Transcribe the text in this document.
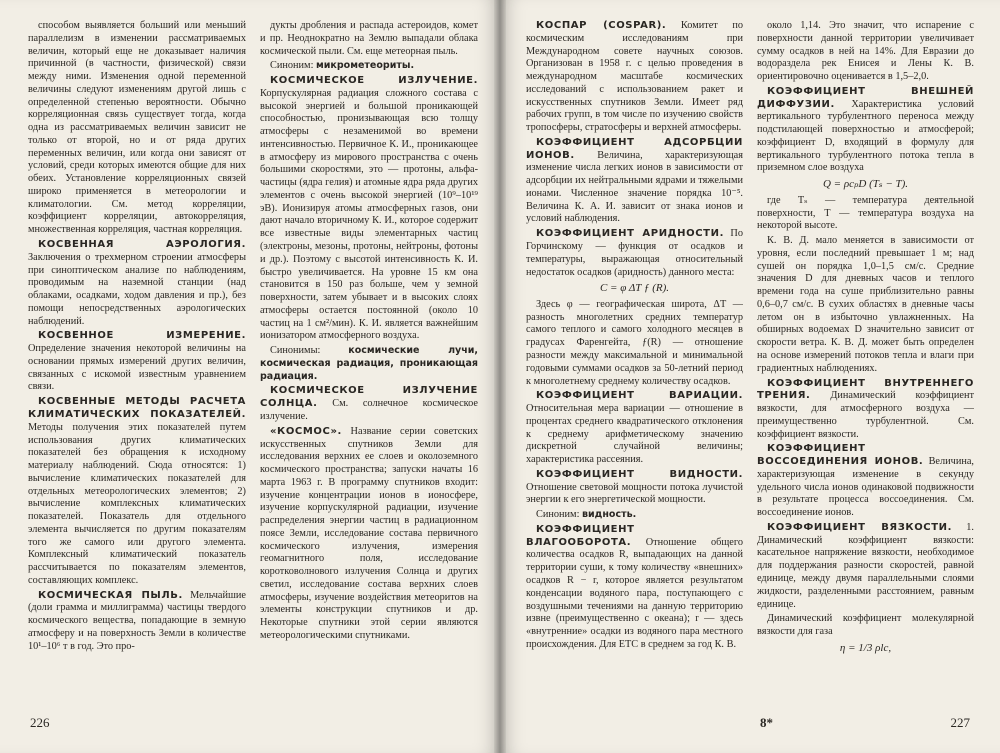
способом выявляется больший или меньший параллелизм в изменении рассматриваемых величин, который еще не доказывает наличия причинной (в частности, физической) связи между ними. Изменения одной переменной величины следуют изменениям другой лишь с определенной степенью вероятности. Обычно корреляционная связь существует тогда, когда одна из рассматриваемых величин зависит не только от второй, но и от ряда других переменных величин, или когда они зависят от условий, среди которых имеются общие для них обеих. Установление корреляционных связей широко применяется в метеорологии и климатологии. См. метод корреляции, коэффициент корреляции, автокорреляция, множественная корреляция, частная корреляция.

КОСВЕННАЯ АЭРОЛОГИЯ. Заключения о трехмерном строении атмосферы при синоптическом анализе по наблюдениям, проводимым на наземной станции (над облаками, осадками, ходом давления и пр.), без помощи непосредственных аэрологических наблюдений.

КОСВЕННОЕ ИЗМЕРЕНИЕ. Определение значения некоторой величины на основании прямых измерений других величин, связанных с искомой известным уравнением связи.

КОСВЕННЫЕ МЕТОДЫ РАСЧЕТА КЛИМАТИЧЕСКИХ ПОКАЗАТЕЛЕЙ. Методы получения этих показателей путем использования других климатических показателей без обращения к исходному материалу наблюдений. Сюда относятся: 1) вычисление климатических показателей для отдельных метеорологических элементов; 2) вычисление комплексных климатических показателей. Показатель для отдельного элемента вычисляется по другим показателям того же самого или другого элемента. Комплексный климатический показатель рассчитывается по показателям элементов, составляющих комплекс.

КОСМИЧЕСКАЯ ПЫЛЬ. Мельчайшие (доли грамма и миллиграмма) частицы твердого космического вещества, попадающие в земную атмосферу и на поверхность Земли в количестве 10¹–10⁶ т в год. Это про-

дукты дробления и распада астероидов, комет и пр. Неоднократно на Землю выпадали облака космической пыли. См. еще метеорная пыль.

Синоним: микрометеориты.

КОСМИЧЕСКОЕ ИЗЛУЧЕНИЕ. Корпускулярная радиация сложного состава с высокой энергией и большой проникающей способностью, пронизывающая всю толщу атмосферы с незаменимой во времени интенсивностью. Первичное К. И., проникающее в атмосферу из мирового пространства с очень большими скоростями, это — протоны, альфа-частицы (ядра гелия) и атомные ядра ряда других элементов с очень высокой энергией (10⁹–10¹⁹ эВ). Ионизируя атомы атмосферных газов, они дают начало вторичному К. И., которое содержит все известные виды элементарных частиц (электроны, мезоны, протоны, нейтроны, фотоны и др.). Поэтому с высотой интенсивность К. И. быстро увеличивается. На уровне 15 км она становится в 150 раз больше, чем у земной поверхности, затем убывает и в высоких слоях атмосферы остается постоянной (около 10 частиц на 1 см²/мин). К. И. является важнейшим ионизатором атмосферного воздуха.

Синонимы:	космические лучи, космическая радиация, проникающая радиация.

КОСМИЧЕСКОЕ ИЗЛУЧЕНИЕ СОЛНЦА. См. солнечное космическое излучение.

«КОСМОС». Название серии советских искусственных спутников Земли для исследования верхних ее слоев и околоземного космического пространства; запуски начаты 16 марта 1963 г. В программу спутников входит: изучение концентрации ионов в ионосфере, изучение корпускулярной радиации, изучение распределения энергии частиц в радиационном поясе Земли, исследование состава первичного космического излучения, измерения геомагнитного поля, исследование коротковолнового излучения Солнца и других светил, исследование состава верхних слоев атмосферы, изучение воздействия метеоритов на элементы конструкции спутников и др. Некоторые спутники этой серии являются метеорологическими спутниками.

226

КОСПАР (COSPAR). Комитет по космическим исследованиям при Международном совете научных союзов. Организован в 1958 г. с целью проведения в международном масштабе космических исследований с использованием ракет и искусственных спутников Земли. Имеет ряд рабочих групп, в том числе по изучению свойств тропосферы, стратосферы и верхней атмосферы.

КОЭФФИЦИЕНТ АДСОРБЦИИ ИОНОВ. Величина, характеризующая изменение числа легких ионов в зависимости от адсорбции их нейтральными ядрами и тяжелыми ионами. Численное значение порядка 10⁻⁵. Величина К. А. И. зависит от знака ионов и условий наблюдения.

КОЭФФИЦИЕНТ АРИДНОСТИ. По Горчинскому — функция от осадков и температуры, выражающая относительный недостаток осадков (аридность) данного места:

С = φ ΔT ƒ (R).

Здесь φ — географическая широта, ΔT — разность многолетних средних температур самого теплого и самого холодного месяцев в градусах Фаренгейта, ƒ(R) — отношение разности между максимальной и минимальной годовыми суммами осадков за 50-летний период к многолетнему среднему количеству осадков.

КОЭФФИЦИЕНТ ВАРИАЦИИ. Относительная мера вариации — отношение в процентах среднего квадратического отклонения к среднему арифметическому значению дискретной случайной величины; характеристика рассеяния.

КОЭФФИЦИЕНТ ВИДНОСТИ. Отношение световой мощности потока лучистой энергии к его энергетической мощности.

Синоним: видность.

КОЭФФИЦИЕНТ ВЛАГООБОРОТА. Отношение общего количества осадков R, выпадающих на данной территории суши, к тому количеству «внешних» осадков R − r, которое является результатом конденсации водяного пара, поступающего с воздушными течениями на данную территорию извне (преимущественно с океана); r — здесь «внутренние» осадки из водяного пара местного происхождения. Для ЕТС в среднем за год К. В.

около 1,14. Это значит, что испарение с поверхности данной территории увеличивает сумму осадков в ней на 14%. Для Евразии до водораздела рек Енисея и Лены К. В. ориентировочно оценивается в 1,5–2,0.

КОЭФФИЦИЕНТ ВНЕШНЕЙ ДИФФУЗИИ. Характеристика условий вертикального турбулентного переноса между подстилающей поверхностью и атмосферой; коэффициент D, входящий в формулу для вертикального турбулентного потока тепла в приземном слое воздуха

Q = ρcₚD (Tₛ − T).

где Tₛ — температура деятельной поверхности, T — температура воздуха на некоторой высоте.

К. В. Д. мало меняется в зависимости от уровня, если последний превышает 1 м; над сушей он порядка 1,0–1,5 см/с. Средние значения D для дневных часов и теплого времени года на суше приблизительно равны 0,6–0,7 см/с. В сухих областях в дневные часы летом он в избыточно увлажненных. На обширных водоемах D значительно зависит от скорости ветра. К. В. Д. может быть определен на основе измерений потоков тепла и влаги при градиентных наблюдениях.

КОЭФФИЦИЕНТ ВНУТРЕННЕГО ТРЕНИЯ. Динамический коэффициент вязкости, для атмосферного воздуха — преимущественно турбулентной. См. коэффициент вязкости.

КОЭФФИЦИЕНТ ВОССОЕДИНЕНИЯ ИОНОВ. Величина, характеризующая изменение в секунду удельного числа ионов одинаковой подвижности в результате процесса воссоединения. См. воссоединение ионов.

КОЭФФИЦИЕНТ ВЯЗКОСТИ. 1. Динамический коэффициент вязкости: касательное напряжение вязкости, необходимое для поддержания разности скоростей, равной единице, между двумя параллельными слоями жидкости, разделенными расстоянием, равным единице.

Динамический коэффициент молекулярной вязкости для газа

η = 1/3 ρlc,
8*	227
